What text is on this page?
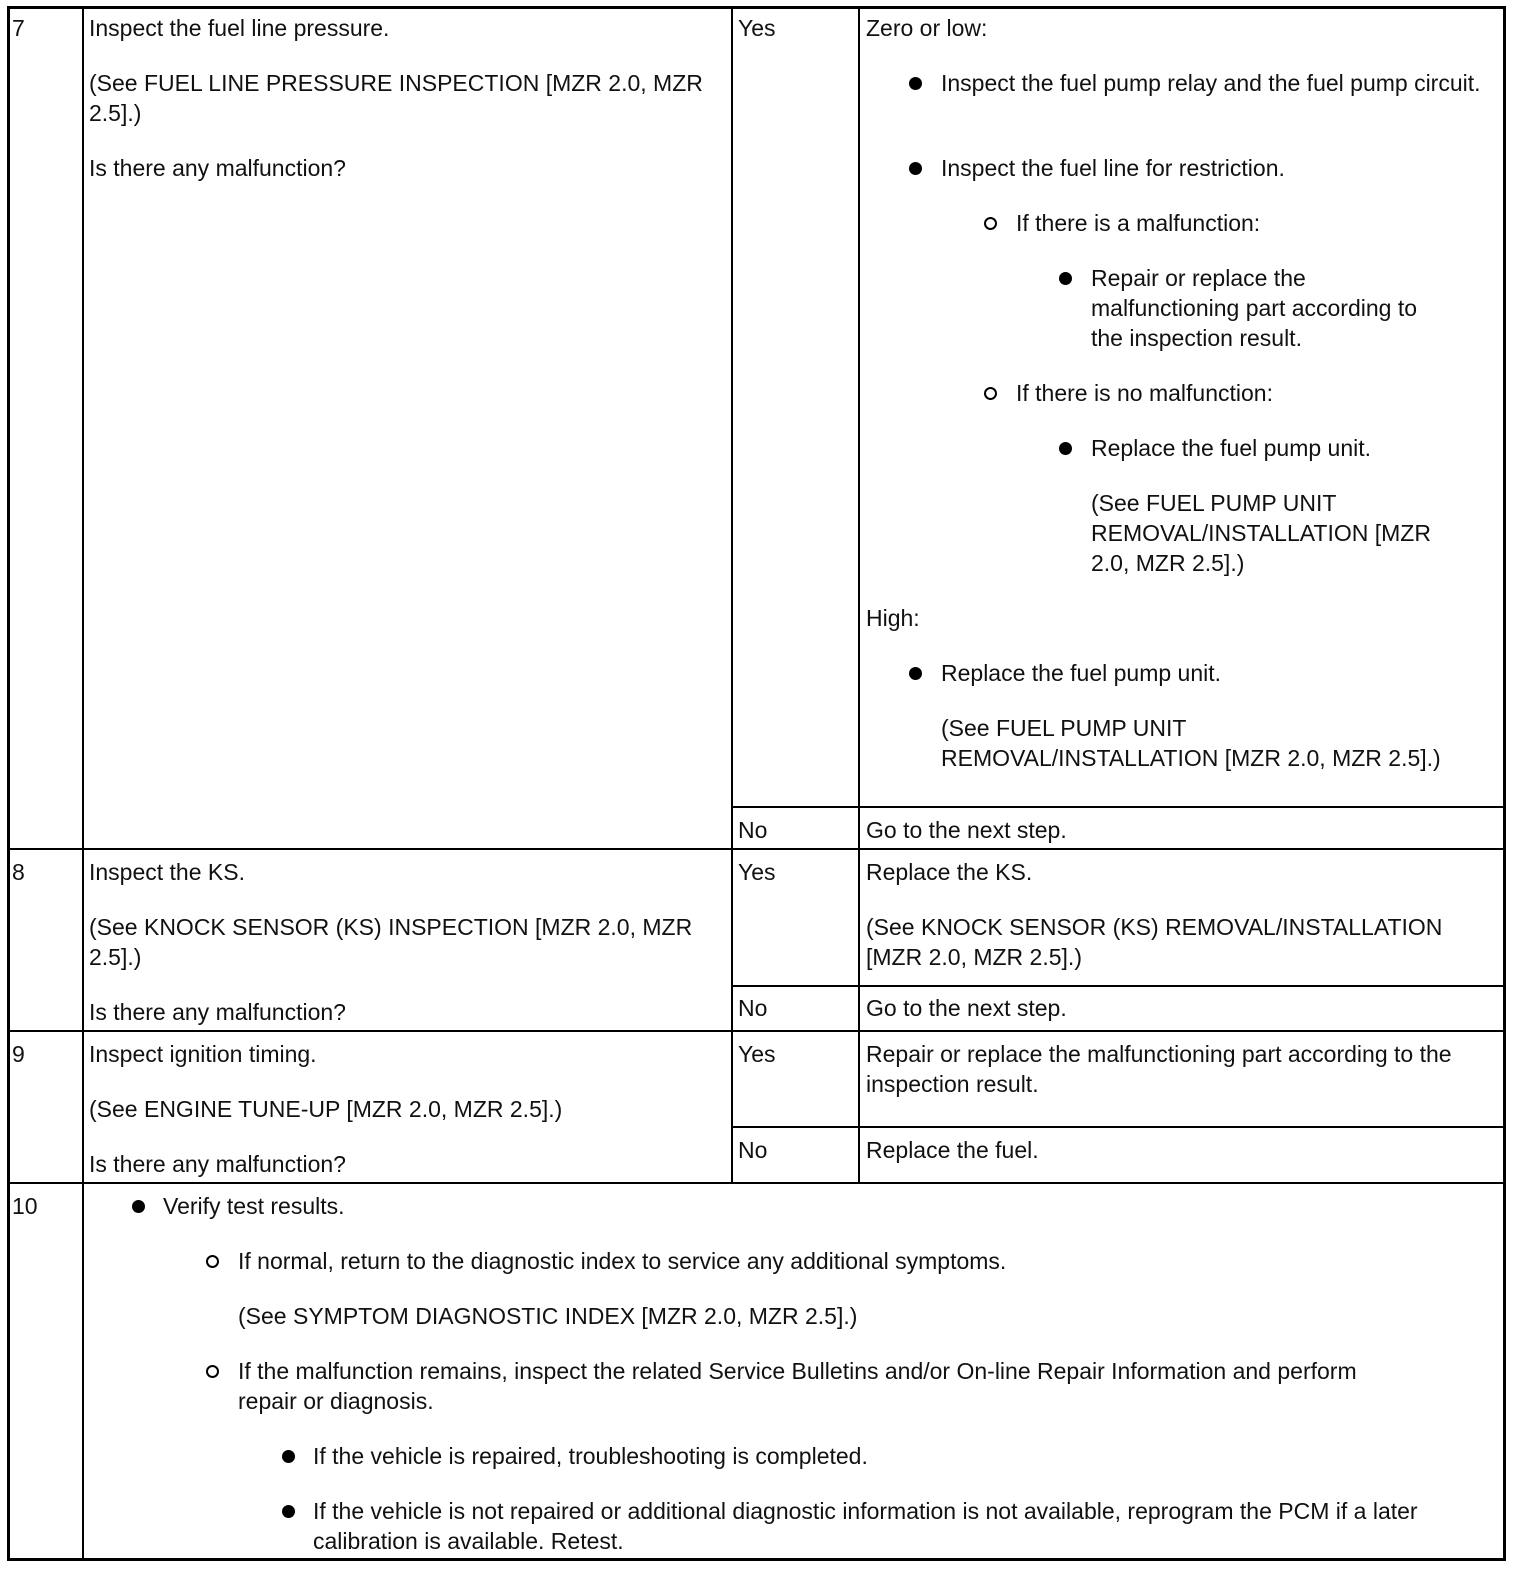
7	Inspect the fuel line pressure.
(See FUEL LINE PRESSURE INSPECTION [MZR 2.0, MZR 2.5].)
Is there any malfunction?
Yes	Zero or low:
Inspect the fuel pump relay and the fuel pump circuit.
Inspect the fuel line for restriction.
If there is a malfunction:
Repair or replace the malfunctioning part according to the inspection result.
If there is no malfunction:
Replace the fuel pump unit.
(See FUEL PUMP UNIT REMOVAL/INSTALLATION [MZR 2.0, MZR 2.5].)
High:
Replace the fuel pump unit.
(See FUEL PUMP UNIT REMOVAL/INSTALLATION [MZR 2.0, MZR 2.5].)
No	Go to the next step.
8	Inspect the KS.
(See KNOCK SENSOR (KS) INSPECTION [MZR 2.0, MZR 2.5].)
Is there any malfunction?
Yes	Replace the KS.
(See KNOCK SENSOR (KS) REMOVAL/INSTALLATION [MZR 2.0, MZR 2.5].)
No	Go to the next step.
9	Inspect ignition timing.
(See ENGINE TUNE-UP [MZR 2.0, MZR 2.5].)
Is there any malfunction?
Yes	Repair or replace the malfunctioning part according to the inspection result.
No	Replace the fuel.
10	Verify test results.
If normal, return to the diagnostic index to service any additional symptoms.
(See SYMPTOM DIAGNOSTIC INDEX [MZR 2.0, MZR 2.5].)
If the malfunction remains, inspect the related Service Bulletins and/or On-line Repair Information and perform repair or diagnosis.
If the vehicle is repaired, troubleshooting is completed.
If the vehicle is not repaired or additional diagnostic information is not available, reprogram the PCM if a later calibration is available. Retest.
